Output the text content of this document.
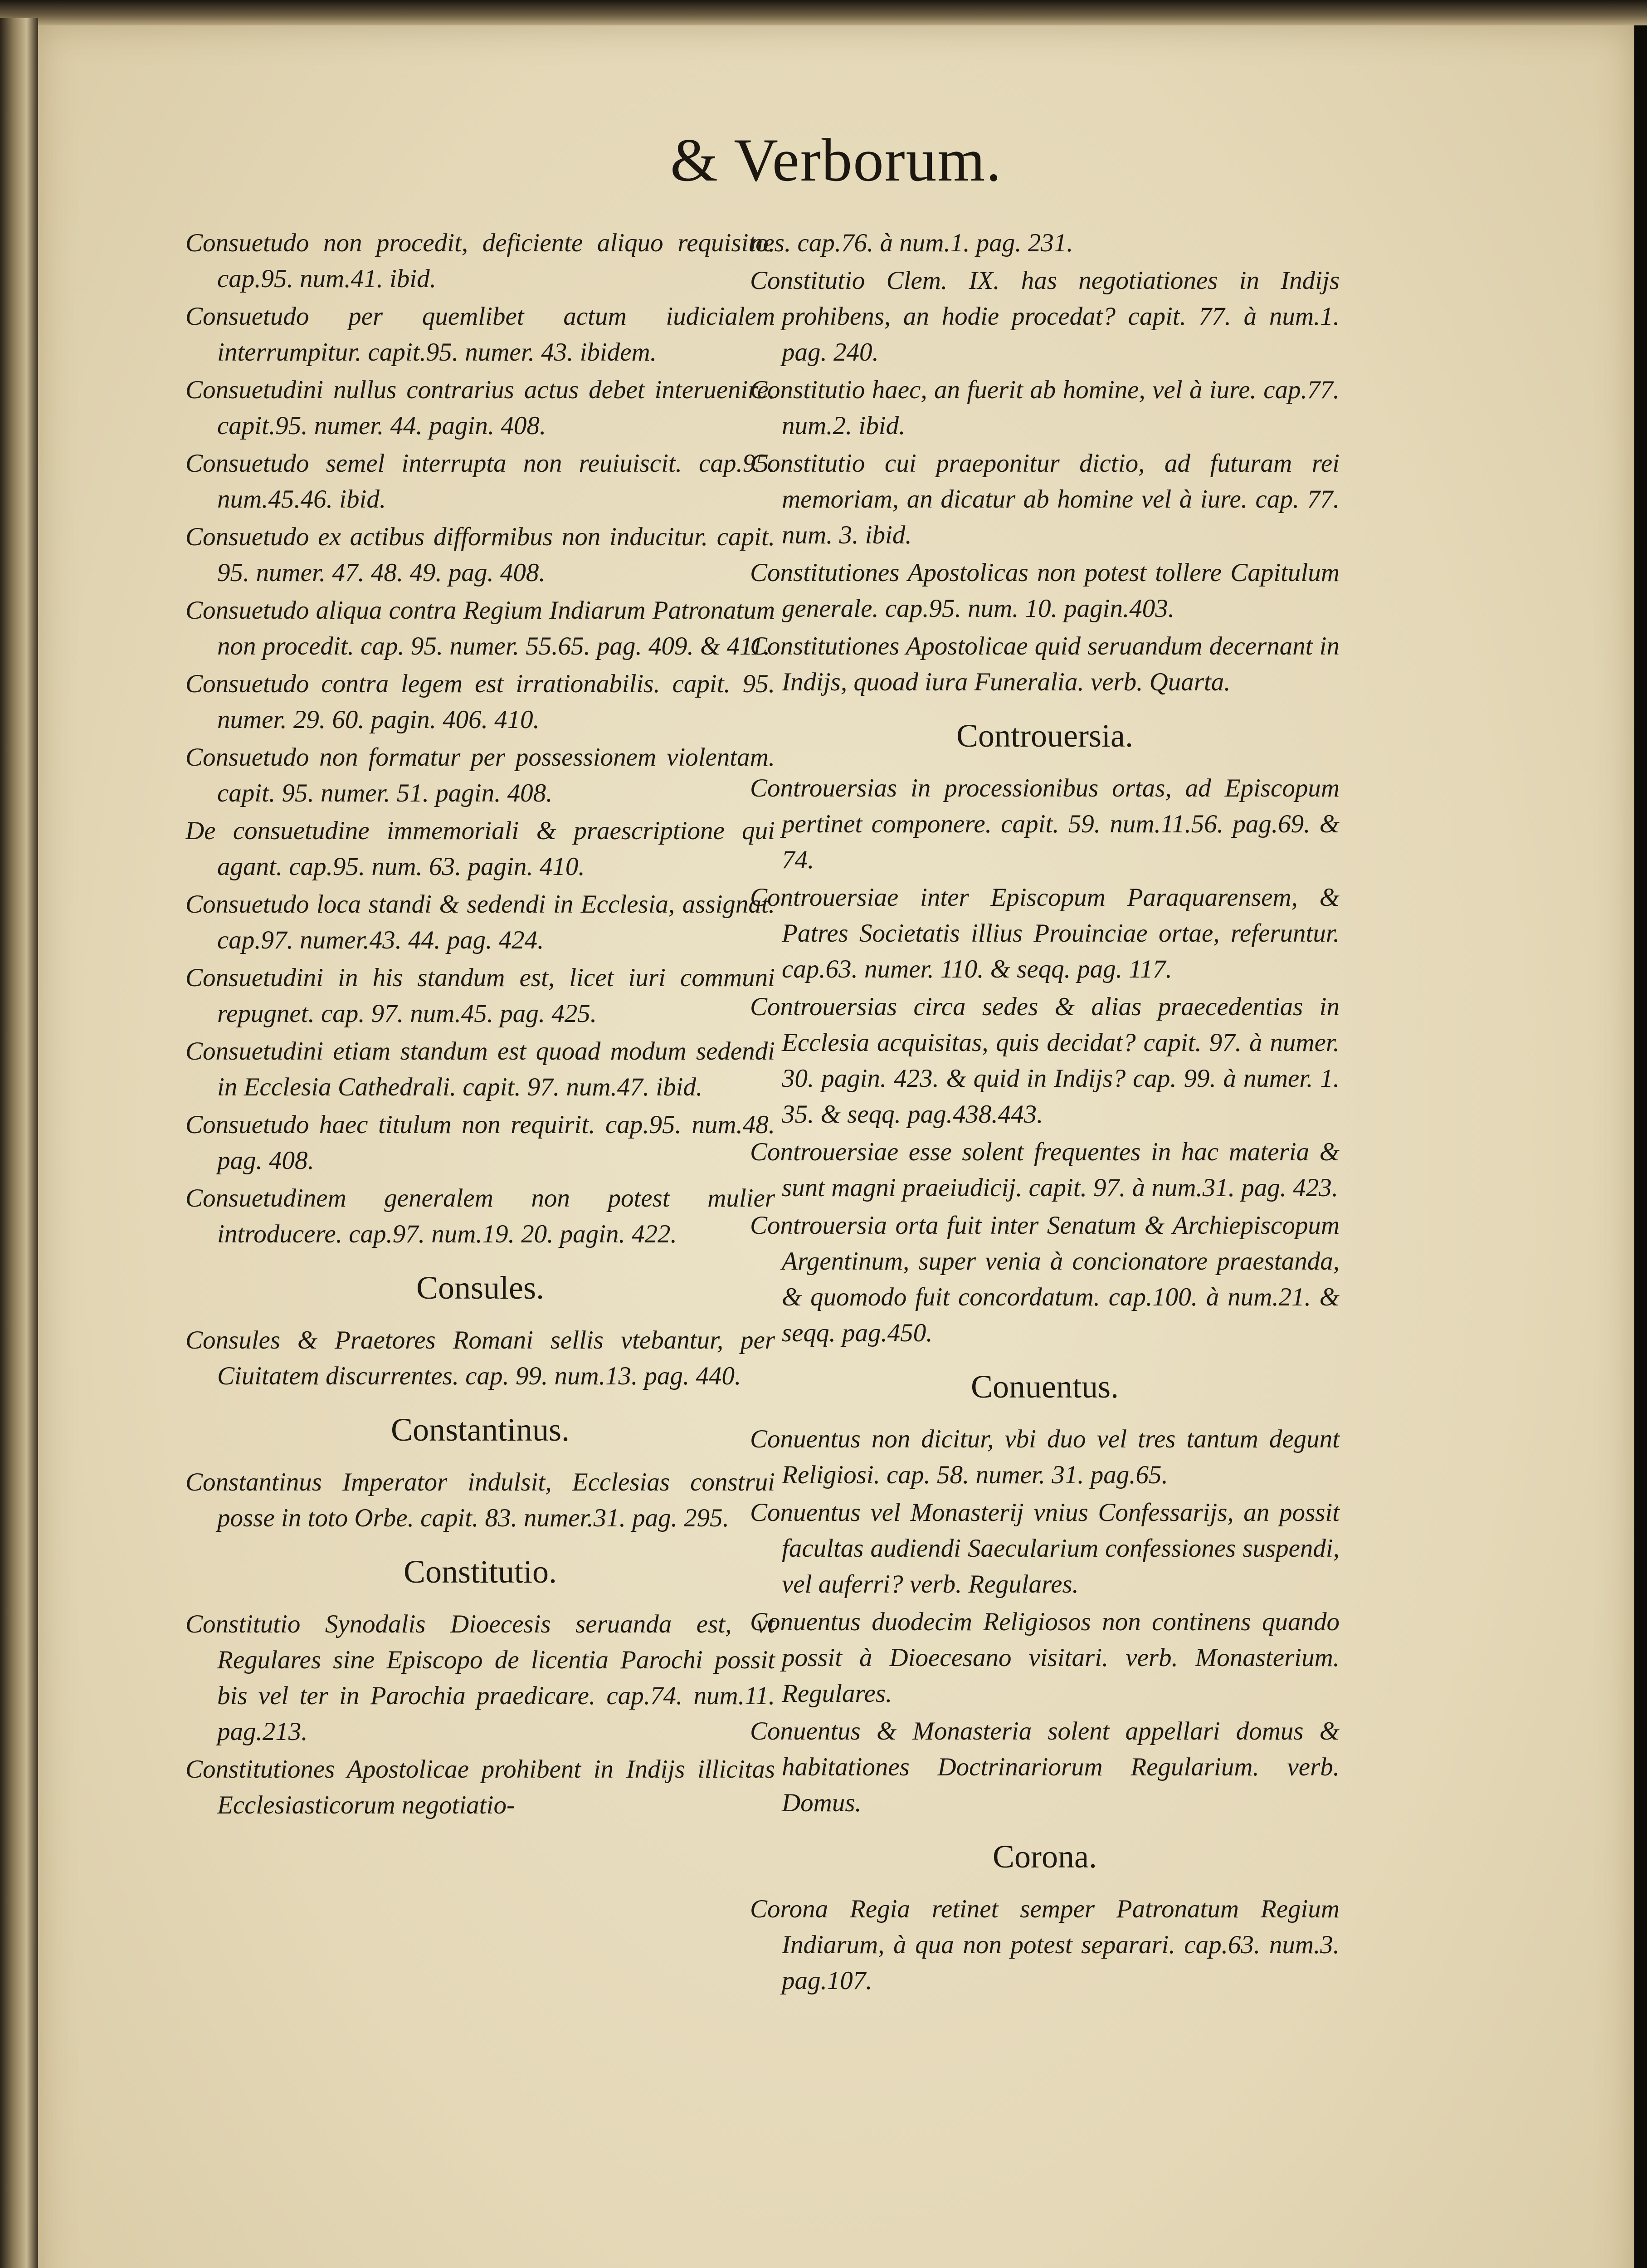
& Verborum.
Consuetudo non procedit, deficiente aliquo requisito. cap.95. num.41. ibid.
Consuetudo per quemlibet actum iudicialem interrumpitur. capit.95. numer. 43. ibidem.
Consuetudini nullus contrarius actus debet interuenire. capit.95. numer. 44. pagin. 408.
Consuetudo semel interrupta non reuiuiscit. cap.95. num.45.46. ibid.
Consuetudo ex actibus difformibus non inducitur. capit. 95. numer. 47. 48. 49. pag. 408.
Consuetudo aliqua contra Regium Indiarum Patronatum non procedit. cap. 95. numer. 55.65. pag. 409. & 411.
Consuetudo contra legem est irrationabilis. capit. 95. numer. 29. 60. pagin. 406. 410.
Consuetudo non formatur per possessionem violentam. capit. 95. numer. 51. pagin. 408.
De consuetudine immemoriali & praescriptione qui agant. cap.95. num. 63. pagin. 410.
Consuetudo loca standi & sedendi in Ecclesia, assignat. cap.97. numer.43. 44. pag. 424.
Consuetudini in his standum est, licet iuri communi repugnet. cap. 97. num.45. pag. 425.
Consuetudini etiam standum est quoad modum sedendi in Ecclesia Cathedrali. capit. 97. num.47. ibid.
Consuetudo haec titulum non requirit. cap.95. num.48. pag. 408.
Consuetudinem generalem non potest mulier introducere. cap.97. num.19. 20. pagin. 422.
Consules.
Consules & Praetores Romani sellis vtebantur, per Ciuitatem discurrentes. cap. 99. num.13. pag. 440.
Constantinus.
Constantinus Imperator indulsit, Ecclesias construi posse in toto Orbe. capit. 83. numer.31. pag. 295.
Constitutio.
Constitutio Synodalis Dioecesis seruanda est, vt Regulares sine Episcopo de licentia Parochi possit bis vel ter in Parochia praedicare. cap.74. num.11. pag.213.
Constitutiones Apostolicae prohibent in Indijs illicitas Ecclesiasticorum negotiatio-
nes. cap.76. à num.1. pag. 231.
Constitutio Clem. IX. has negotiationes in Indijs prohibens, an hodie procedat? capit. 77. à num.1. pag. 240.
Constitutio haec, an fuerit ab homine, vel à iure. cap.77. num.2. ibid.
Constitutio cui praeponitur dictio, ad futuram rei memoriam, an dicatur ab homine vel à iure. cap. 77. num. 3. ibid.
Constitutiones Apostolicas non potest tollere Capitulum generale. cap.95. num. 10. pagin.403.
Constitutiones Apostolicae quid seruandum decernant in Indijs, quoad iura Funeralia. verb. Quarta.
Controuersia.
Controuersias in processionibus ortas, ad Episcopum pertinet componere. capit. 59. num.11.56. pag.69. & 74.
Controuersiae inter Episcopum Paraquarensem, & Patres Societatis illius Prouinciae ortae, referuntur. cap.63. numer. 110. & seqq. pag. 117.
Controuersias circa sedes & alias praecedentias in Ecclesia acquisitas, quis decidat? capit. 97. à numer. 30. pagin. 423. & quid in Indijs? cap. 99. à numer. 1. 35. & seqq. pag.438.443.
Controuersiae esse solent frequentes in hac materia & sunt magni praeiudicij. capit. 97. à num.31. pag. 423.
Controuersia orta fuit inter Senatum & Archiepiscopum Argentinum, super venia à concionatore praestanda, & quomodo fuit concordatum. cap.100. à num.21. & seqq. pag.450.
Conuentus.
Conuentus non dicitur, vbi duo vel tres tantum degunt Religiosi. cap. 58. numer. 31. pag.65.
Conuentus vel Monasterij vnius Confessarijs, an possit facultas audiendi Saecularium confessiones suspendi, vel auferri? verb. Regulares.
Conuentus duodecim Religiosos non continens quando possit à Dioecesano visitari. verb. Monasterium. Regulares.
Conuentus & Monasteria solent appellari domus & habitationes Doctrinariorum Regularium. verb. Domus.
Corona.
Corona Regia retinet semper Patronatum Regium Indiarum, à qua non potest separari. cap.63. num.3. pag.107.
